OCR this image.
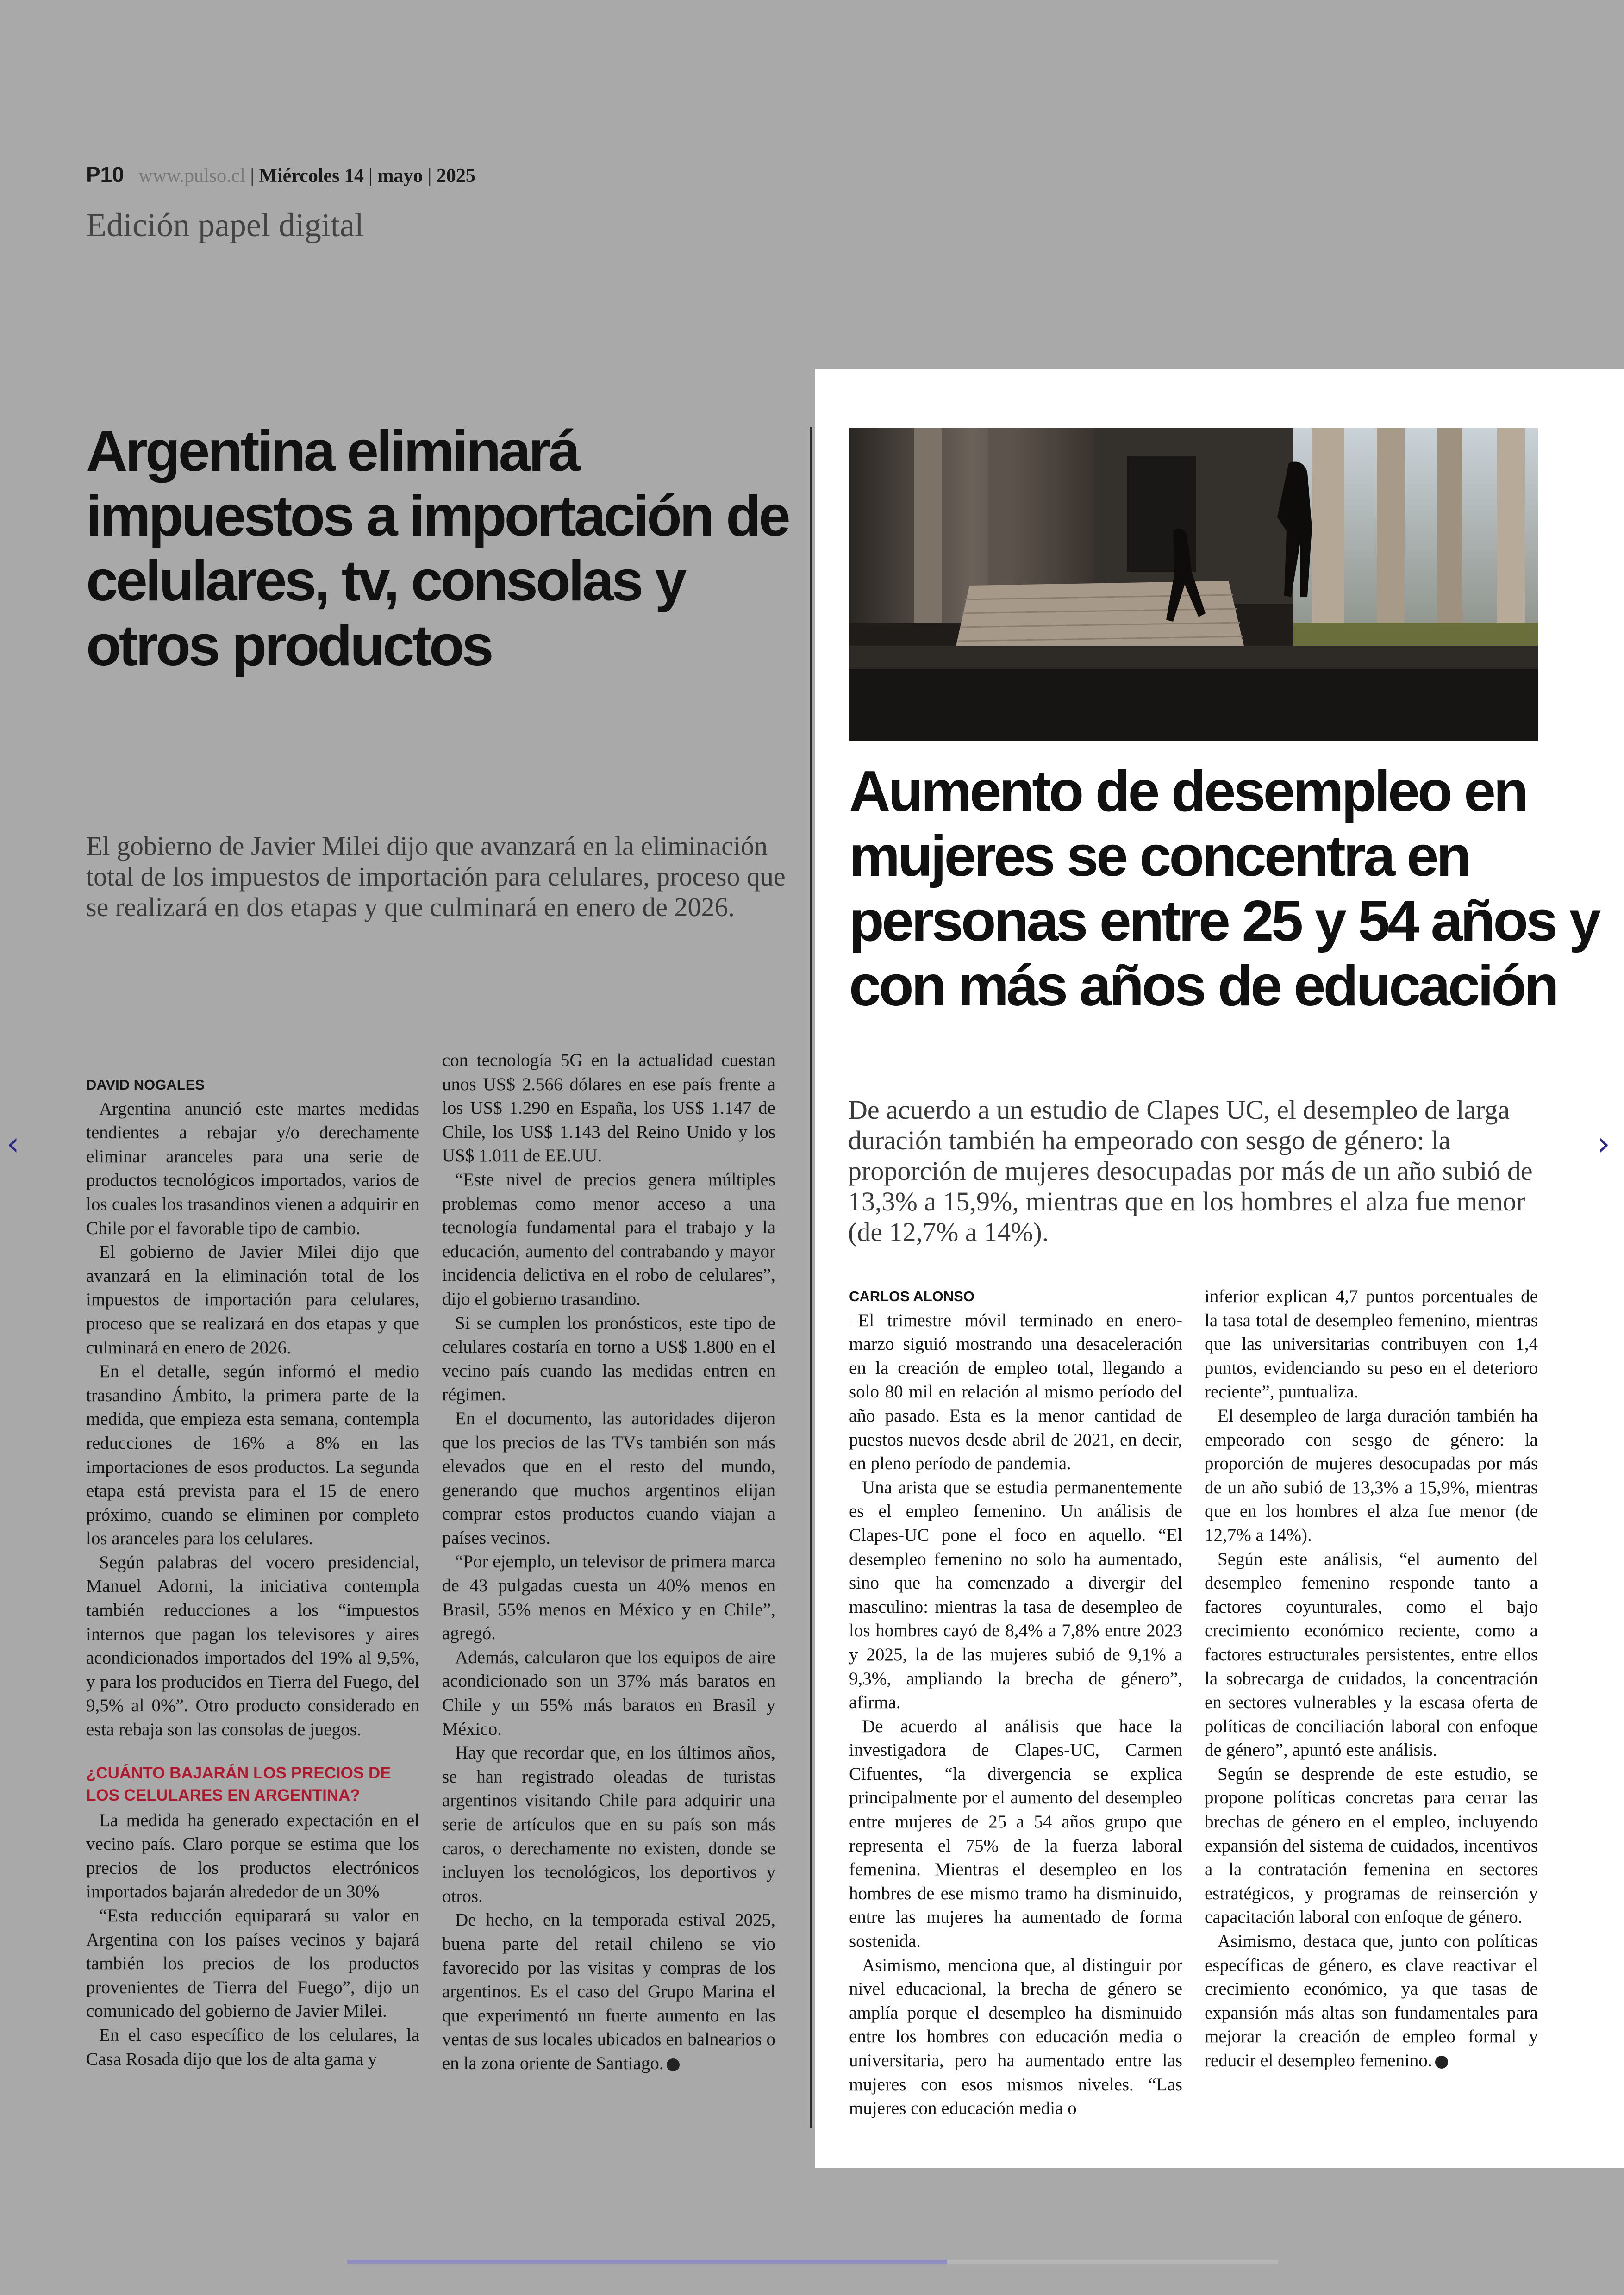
P10 www.pulso.cl | Miércoles 14 | mayo | 2025
Edición papel digital
Argentina eliminará impuestos a importación de celulares, tv, consolas y otros productos
El gobierno de Javier Milei dijo que avanzará en la eliminación total de los impuestos de importación para celulares, proceso que se realizará en dos etapas y que culminará en enero de 2026.

DAVID NOGALES

Argentina anunció este martes medidas tendientes a rebajar y/o derechamente eliminar aranceles para una serie de productos tecnológicos importados, varios de los cuales los trasandinos vienen a adquirir en Chile por el favorable tipo de cambio.

El gobierno de Javier Milei dijo que avanzará en la eliminación total de los impuestos de importación para celulares, proceso que se realizará en dos etapas y que culminará en enero de 2026.

En el detalle, según informó el medio trasandino Ámbito, la primera parte de la medida, que empieza esta semana, contempla reducciones de 16% a 8% en las importaciones de esos productos. La segunda etapa está prevista para el 15 de enero próximo, cuando se eliminen por completo los aranceles para los celulares.

Según palabras del vocero presidencial, Manuel Adorni, la iniciativa contempla también reducciones a los “impuestos internos que pagan los televisores y aires acondicionados importados del 19% al 9,5%, y para los producidos en Tierra del Fuego, del 9,5% al 0%”. Otro producto considerado en esta rebaja son las consolas de juegos.

¿CUÁNTO BAJARÁN LOS PRECIOS DE LOS CELULARES EN ARGENTINA?

La medida ha generado expectación en el vecino país. Claro porque se estima que los precios de los productos electrónicos importados bajarán alrededor de un 30%

“Esta reducción equiparará su valor en Argentina con los países vecinos y bajará también los precios de los productos provenientes de Tierra del Fuego”, dijo un comunicado del gobierno de Javier Milei.

En el caso específico de los celulares, la Casa Rosada dijo que los de alta gama y

con tecnología 5G en la actualidad cuestan unos US$ 2.566 dólares en ese país frente a los US$ 1.290 en España, los US$ 1.147 de Chile, los US$ 1.143 del Reino Unido y los US$ 1.011 de EE.UU.

“Este nivel de precios genera múltiples problemas como menor acceso a una tecnología fundamental para el trabajo y la educación, aumento del contrabando y mayor incidencia delictiva en el robo de celulares”, dijo el gobierno trasandino.

Si se cumplen los pronósticos, este tipo de celulares costaría en torno a US$ 1.800 en el vecino país cuando las medidas entren en régimen.

En el documento, las autoridades dijeron que los precios de las TVs también son más elevados que en el resto del mundo, generando que muchos argentinos elijan comprar estos productos cuando viajan a países vecinos.

“Por ejemplo, un televisor de primera marca de 43 pulgadas cuesta un 40% menos en Brasil, 55% menos en México y en Chile”, agregó.

Además, calcularon que los equipos de aire acondicionado son un 37% más baratos en Chile y un 55% más baratos en Brasil y México.

Hay que recordar que, en los últimos años, se han registrado oleadas de turistas argentinos visitando Chile para adquirir una serie de artículos que en su país son más caros, o derechamente no existen, donde se incluyen los tecnológicos, los deportivos y otros.

De hecho, en la temporada estival 2025, buena parte del retail chileno se vio favorecido por las visitas y compras de los argentinos. Es el caso del Grupo Marina el que experimentó un fuerte aumento en las ventas de sus locales ubicados en balnearios o en la zona oriente de Santiago.

Aumento de desempleo en mujeres se concentra en personas entre 25 y 54 años y con más años de educación
De acuerdo a un estudio de Clapes UC, el desempleo de larga duración también ha empeorado con sesgo de género: la proporción de mujeres desocupadas por más de un año subió de 13,3% a 15,9%, mientras que en los hombres el alza fue menor (de 12,7% a 14%).

CARLOS ALONSO

–El trimestre móvil terminado en enero-marzo siguió mostrando una desaceleración en la creación de empleo total, llegando a solo 80 mil en relación al mismo período del año pasado. Esta es la menor cantidad de puestos nuevos desde abril de 2021, en decir, en pleno período de pandemia.

Una arista que se estudia permanentemente es el empleo femenino. Un análisis de Clapes-UC pone el foco en aquello. “El desempleo femenino no solo ha aumentado, sino que ha comenzado a divergir del masculino: mientras la tasa de desempleo de los hombres cayó de 8,4% a 7,8% entre 2023 y 2025, la de las mujeres subió de 9,1% a 9,3%, ampliando la brecha de género”, afirma.

De acuerdo al análisis que hace la investigadora de Clapes-UC, Carmen Cifuentes, “la divergencia se explica principalmente por el aumento del desempleo entre mujeres de 25 a 54 años grupo que representa el 75% de la fuerza laboral femenina. Mientras el desempleo en los hombres de ese mismo tramo ha disminuido, entre las mujeres ha aumentado de forma sostenida.

Asimismo, menciona que, al distinguir por nivel educacional, la brecha de género se amplía porque el desempleo ha disminuido entre los hombres con educación media o universitaria, pero ha aumentado entre las mujeres con esos mismos niveles. “Las mujeres con educación media o

inferior explican 4,7 puntos porcentuales de la tasa total de desempleo femenino, mientras que las universitarias contribuyen con 1,4 puntos, evidenciando su peso en el deterioro reciente”, puntualiza.

El desempleo de larga duración también ha empeorado con sesgo de género: la proporción de mujeres desocupadas por más de un año subió de 13,3% a 15,9%, mientras que en los hombres el alza fue menor (de 12,7% a 14%).

Según este análisis, “el aumento del desempleo femenino responde tanto a factores coyunturales, como el bajo crecimiento económico reciente, como a factores estructurales persistentes, entre ellos la sobrecarga de cuidados, la concentración en sectores vulnerables y la escasa oferta de políticas de conciliación laboral con enfoque de género”, apuntó este análisis.

Según se desprende de este estudio, se propone políticas concretas para cerrar las brechas de género en el empleo, incluyendo expansión del sistema de cuidados, incentivos a la contratación femenina en sectores estratégicos, y programas de reinserción y capacitación laboral con enfoque de género.

Asimismo, destaca que, junto con políticas específicas de género, es clave reactivar el crecimiento económico, ya que tasas de expansión más altas son fundamentales para mejorar la creación de empleo formal y reducir el desempleo femenino.

‹	›
